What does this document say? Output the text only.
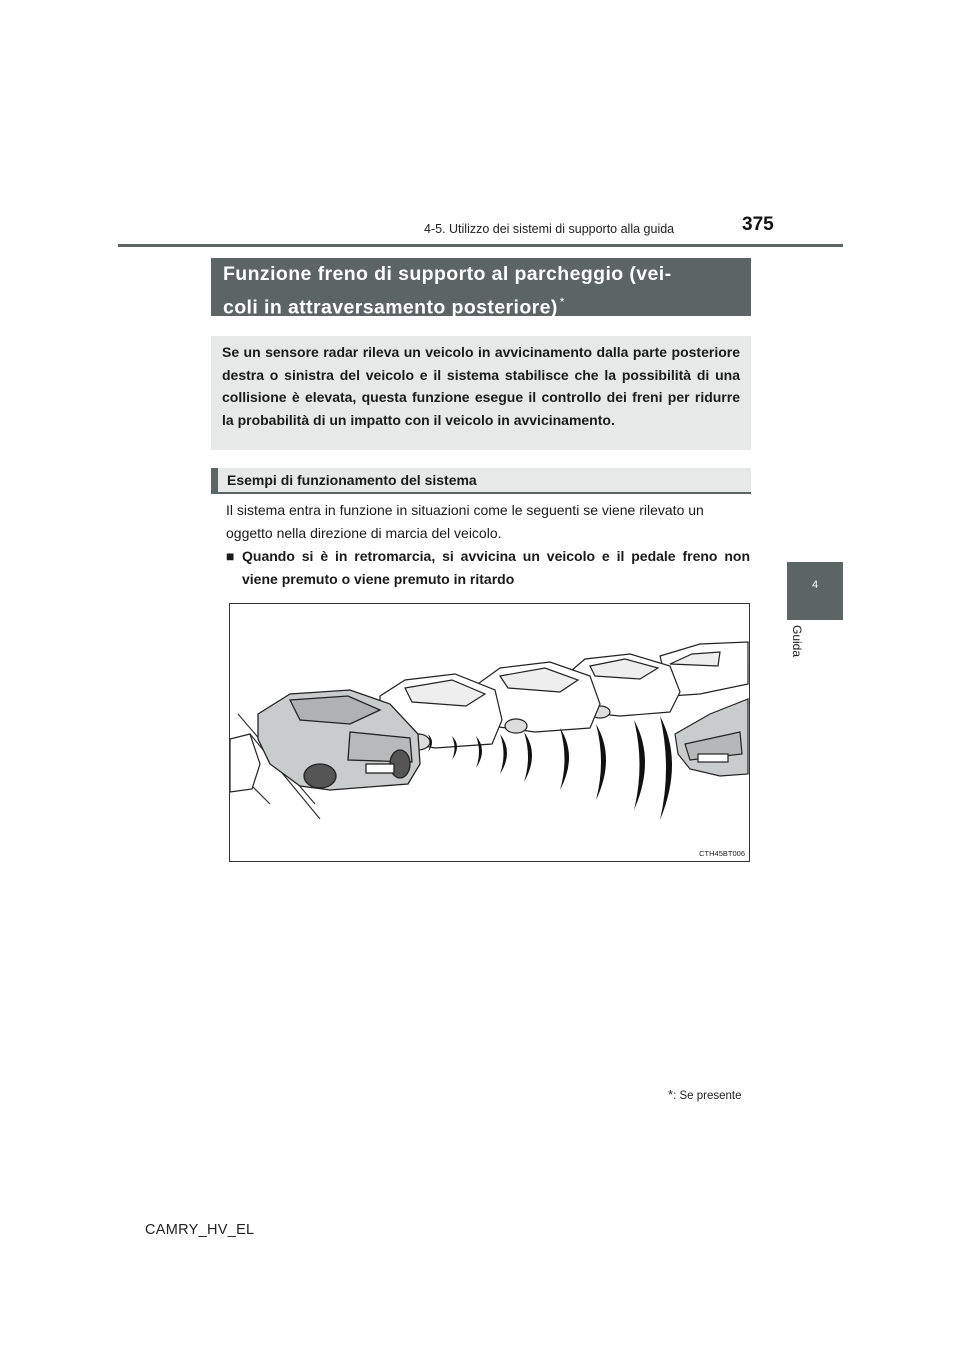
4-5. Utilizzo dei sistemi di supporto alla guida	375
4
Guida
Funzione freno di supporto al parcheggio (vei-
coli in attraversamento posteriore) *
Se un sensore radar rileva un veicolo in avvicinamento dalla parte posteriore destra o sinistra del veicolo e il sistema stabilisce che la possibilità di una collisione è elevata, questa funzione esegue il controllo dei freni per ridurre la probabilità di un impatto con il veicolo in avvicinamento.
Esempi di funzionamento del sistema
Il sistema entra in funzione in situazioni come le seguenti se viene rilevato un oggetto nella direzione di marcia del veicolo.
■ Quando si è in retromarcia, si avvicina un veicolo e il pedale freno non viene premuto o viene premuto in ritardo
CTH45BT006
*: Se presente
CAMRY_HV_EL
